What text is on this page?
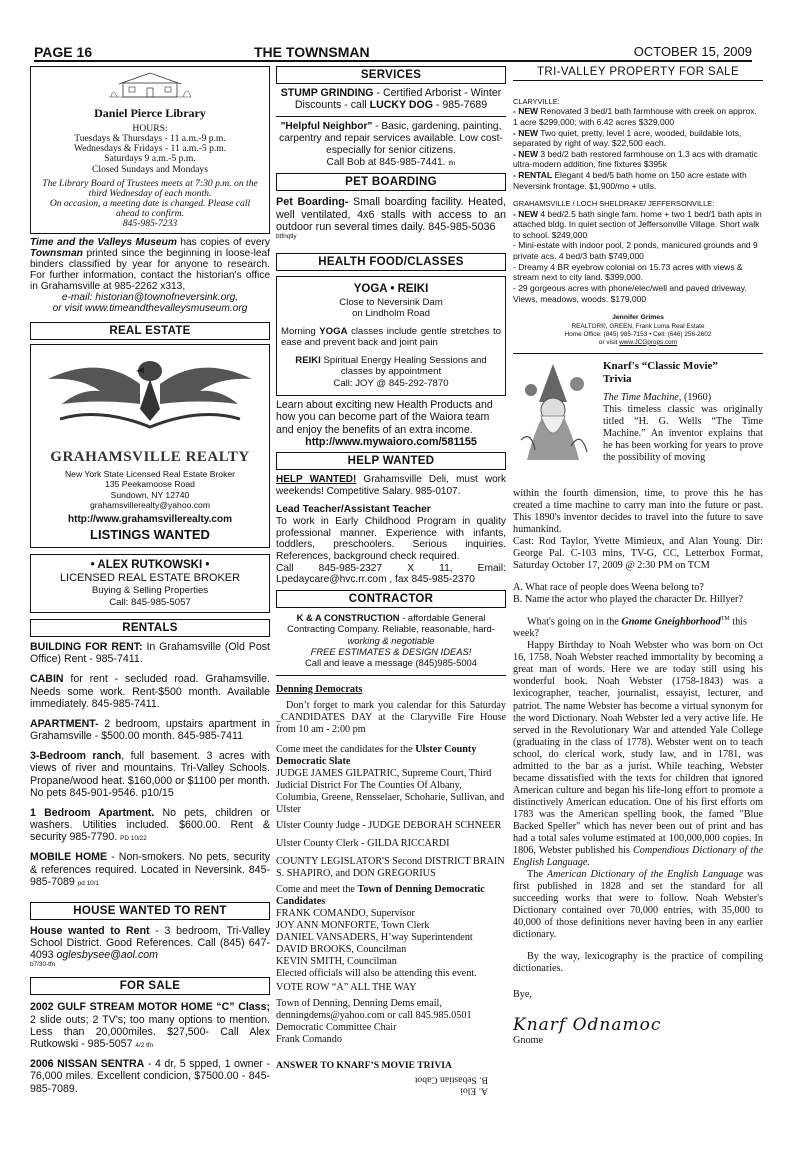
PAGE 16	THE TOWNSMAN	OCTOBER 15, 2009
Daniel Pierce Library
HOURS:
Tuesdays & Thursdays - 11 a.m.-9 p.m.
Wednesdays & Fridays - 11 a.m.-5 p.m.
Saturdays 9 a.m.-5 p.m.
Closed Sundays and Mondays
The Library Board of Trustees meets at 7:30 p.m. on the third Wednesday of each month.
On occasion, a meeting date is changed. Please call ahead to confirm.
845-985-7233
Time and the Valleys Museum has copies of every Townsman printed since the beginning in loose-leaf binders classified by year for anyone to research. For further information, contact the historian's office in Grahamsville at 985-2262 x313,
e-mail: historian@townofneversink.org,
or visit www.timeandthevalleysmuseum.org
REAL ESTATE
GRAHAMSVILLE REALTY
New York State Licensed Real Estate Broker
135 Peekamoose Road
Sundown, NY 12740
grahamsvillerealty@yahoo.com
http://www.grahamsvillerealty.com
LISTINGS WANTED
• ALEX RUTKOWSKI •
LICENSED REAL ESTATE BROKER
Buying & Selling Properties
Call: 845-985-5057
RENTALS
BUILDING FOR RENT: In Grahamsville (Old Post Office) Rent - 985-7411.
CABIN for rent - secluded road. Grahamsville. Needs some work. Rent-$500 month. Available immediately. 845-985-7411.
APARTMENT- 2 bedroom, upstairs apartment in Grahamsville - $500.00 month. 845-985-7411
3-Bedroom ranch, full basement. 3 acres with views of river and mountains. Tri-Valley Schools. Propane/wood heat. $160,000 or $1100 per month. No pets 845-901-9546. p10/15
1 Bedroom Apartment. No pets, children or washers. Utilities included. $600.00. Rent & security 985-7790. PD 10/22
MOBILE HOME - Non-smokers. No pets, security & references required. Located in Neversink. 845-985-7089 pd 10/1
HOUSE WANTED TO RENT
House wanted to Rent - 3 bedroom, Tri-Valley School District. Good References. Call (845) 647-4093 oglesbysee@aol.com
b7/30-tfn
FOR SALE
2002 GULF STREAM MOTOR HOME “C” Class; 2 slide outs; 2 TV's; too many options to mention. Less than 20,000miles. $27,500- Call Alex Rutkowski - 985-5057 4/2 tfn
2006 NISSAN SENTRA - 4 dr, 5 spped, 1 owner - 76,000 miles. Excellent condicion, $7500.00 - 845-985-7089.
SERVICES
STUMP GRINDING - Certified Arborist - Winter Discounts - call LUCKY DOG - 985-7689
"Helpful Neighbor" - Basic, gardening, painting, carpentry and repair services available. Low cost-especially for senior citizens.
Call Bob at 845-985-7441. tfn
PET BOARDING
Pet Boarding- Small boarding facility. Heated, well ventilated, 4x6 stalls with access to an outdoor run several times daily. 845-985-5036
btfnqtly
HEALTH FOOD/CLASSES
YOGA • REIKI
Close to Neversink Dam
on Lindholm Road
Morning YOGA classes include gentle stretches to ease and prevent back and joint pain
REIKI Spiritual Energy Healing Sessions and classes by appointment
Call: JOY @ 845-292-7870
Learn about exciting new Health Products and how you can become part of the Waiora team and enjoy the benefits of an extra income.
http://www.mywaioro.com/581155
HELP WANTED
HELP WANTED! Grahamsville Deli, must work weekends! Competitive Salary. 985-0107.
Lead Teacher/Assistant Teacher
To work in Early Childhood Program in quality professional manner. Experience with infants, toddlers, preschoolers. Serious inquiries. References, background check required.
Call 845-985-2327 X 11, Email: Lpedaycare@hvc.rr.com , fax 845-985-2370
CONTRACTOR
K & A CONSTRUCTION - affordable General Contracting Company. Reliable, reasonable, hard-
working & negotiable
FREE ESTIMATES & DESIGN IDEAS!
Call and leave a message (845)985-5004
Denning Democrats
Don’t forget to mark you calendar for this Saturday _CANDIDATES DAY at the Claryville Fire House from 10 am - 2:00 pm
Come meet the candidates for the Ulster County Democratic Slate
JUDGE JAMES GILPATRIC, Supreme Court, Third Judicial District For The Counties Of Albany, Columbia, Greene, Rensselaer, Schoharie, Sullivan, and Ulster
Ulster County Judge - JUDGE DEBORAH SCHNEER
Ulster County Clerk - GILDA RICCARDI
COUNTY LEGISLATOR'S Second DISTRICT BRAIN S. SHAPIRO, and DON GREGORIUS
Come and meet the Town of Denning Democratic Candidates
FRANK COMANDO, Supervisor
JOY ANN MONFORTE, Town Clerk
DANIEL VANSADERS, H’way Superintendent
DAVID BROOKS, Councilman
KEVIN SMITH, Councilman
Elected officials will also be attending this event.
VOTE ROW “A” ALL THE WAY
Town of Denning, Denning Dems email, denningdems@yahoo.com or call 845.985.0501
Democratic Committee Chair
Frank Comando
ANSWER TO KNARF’S MOVIE TRIVIA
A. Eloi
B. Sebastian Cabot
TRI-VALLEY PROPERTY FOR SALE
CLARYVILLE:
- NEW Renovated 3 bed/1 bath farmhouse with creek on approx. 1 acre $299,000; with 6.42 acres $329,000
- NEW Two quiet, pretty, level 1 acre, wooded, buildable lots, separated by right of way. $22,500 each.
- NEW 3 bed/2 bath restored farmhouse on 1.3 acs with dramatic ultra-modern addition, fine fixtures $395k
- RENTAL Elegant 4 bed/5 bath home on 150 acre estate with Neversink frontage. $1,900/mo + utils.
GRAHAMSVILLE / LOCH SHELDRAKE/ JEFFERSONVILLE:
- NEW 4 bed/2.5 bath single fam. home + two 1 bed/1 bath apts in attached bldg. In quiet section of Jeffersonville Village. Short walk to school. $249,000
- Mini-estate with indoor pool, 2 ponds, manicured grounds and 9 private acs. 4 bed/3 bath $749,000
- Dreamy 4 BR eyebrow colonial on 15.73 acres with views & stream next to city land. $399,000.
- 29 gorgeous acres with phone/elec/well and paved driveway. Views, meadows, woods. $179,000
Jennifer Grimes
REALTOR®, GREEN, Frank Luma Real Estate
Home Office: (845) 985-7153 • Cell: (646) 256-2602
or visit www.JCGprops.com
Knarf's “Classic Movie”
Trivia
The Time Machine, (1960)
This timeless classic was originally titled “H. G. Wells “The Time Machine.” An inventor explains that he has been working for years to prove the possibility of moving
within the fourth dimension, time, to prove this he has created a time machine to carry man into the future or past. This 1890's inventor decides to travel into the future to save humankind.
Cast: Rod Taylor, Yvette Mimieux, and Alan Young. Dir: George Pal. C-103 mins, TV-G, CC, Letterbox Format, Saturday October 17, 2009 @ 2:30 PM on TCM
A. What race of people does Weena belong to?
B. Name the actor who played the character Dr. Hillyer?
What's going on in the Gnome Gneighborhood™ this week?
Happy Birthday to Noah Webster who was born on Oct 16, 1758. Noah Webster reached immortality by becoming a great man of words. Here we are today still using his wonderful book. Noah Webster (1758-1843) was a lexicographer, teacher, journalist, essayist, lecturer, and patriot. The name Webster has become a virtual synonym for the word Dictionary. Noah Webster led a very active life. He served in the Revolutionary War and attended Yale College (graduating in the class of 1778). Webster went on to teach school, do clerical work, study law, and in 1781, was admitted to the bar as a jurist. While teaching, Webster became dissatisfied with the texts for children that ignored American culture and began his life-long effort to promote a distinctively American education. One of his first efforts om 1783 was the American spelling book, the famed "Blue Backed Speller" which has never been out of print and has had a total sales volume estimated at 100,000,000 copies. In 1806, Webster published his Compendious Dictionary of the English Language.
The American Dictionary of the English Language was first published in 1828 and set the standard for all succeeding works that were to follow. Noah Webster's Dictionary contained over 70,000 entries, with 35,000 to 40,000 of those definitions never having been in any earlier dictionary.
By the way, lexicography is the practice of compiling dictionaries.
Bye,
Knarf Odnamoc
Gnome
